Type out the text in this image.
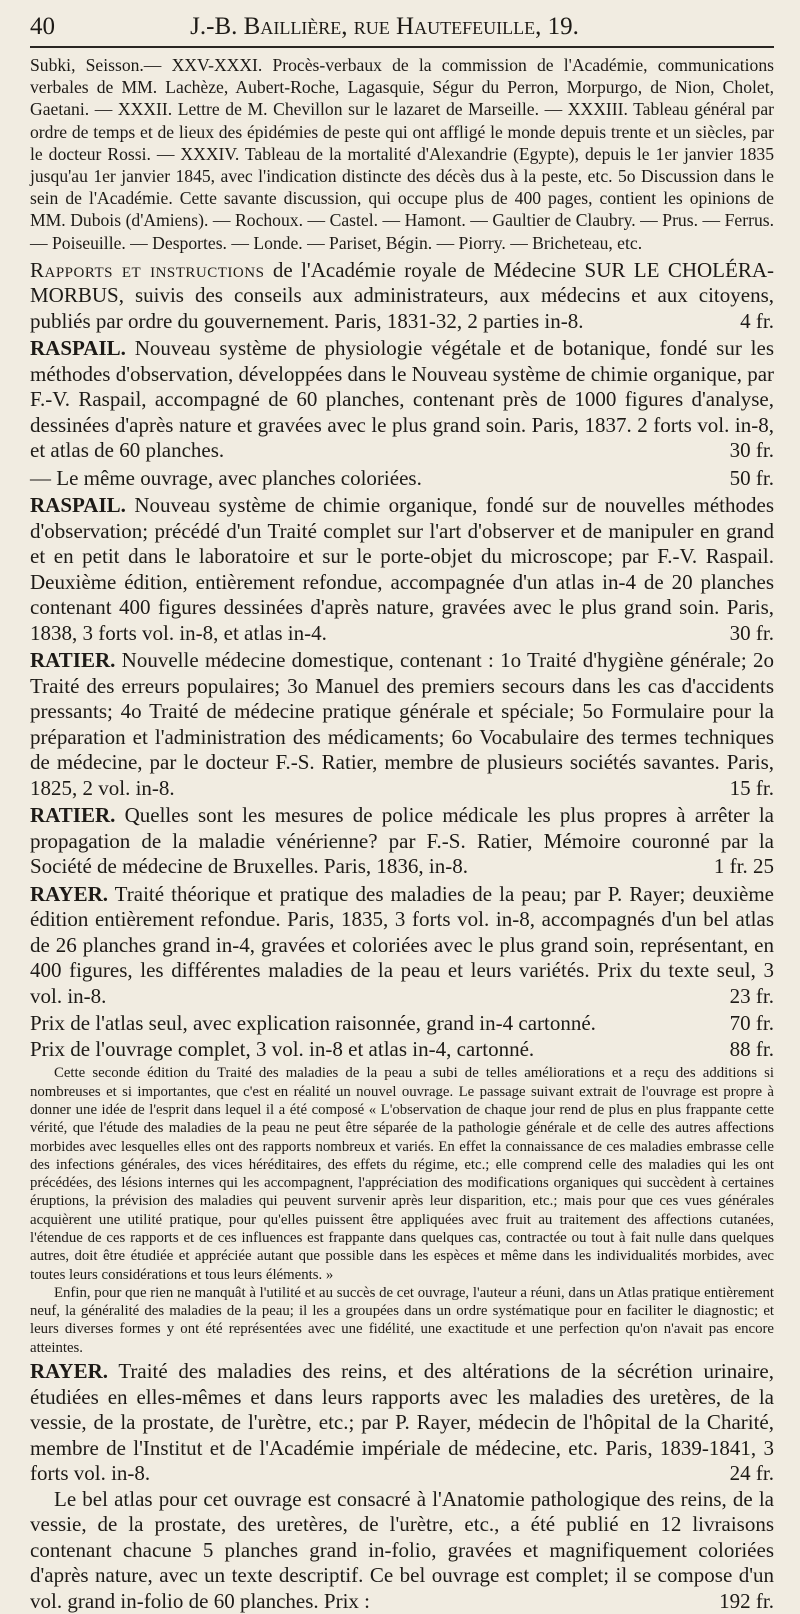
40	J.-B. Baillière, rue Hautefeuille, 19.

Subki, Seisson.— XXV-XXXI. Procès-verbaux de la commission de l'Académie, communications verbales de MM. Lachèze, Aubert-Roche, Lagasquie, Ségur du Perron, Morpurgo, de Nion, Cholet, Gaetani. — XXXII. Lettre de M. Chevillon sur le lazaret de Marseille. — XXXIII. Tableau général par ordre de temps et de lieux des épidémies de peste qui ont affligé le monde depuis trente et un siècles, par le docteur Rossi. — XXXIV. Tableau de la mortalité d'Alexandrie (Egypte), depuis le 1er janvier 1835 jusqu'au 1er janvier 1845, avec l'indication distincte des décès dus à la peste, etc. 5o Discussion dans le sein de l'Académie. Cette savante discussion, qui occupe plus de 400 pages, contient les opinions de MM. Dubois (d'Amiens). — Rochoux. — Castel. — Hamont. — Gaultier de Claubry. — Prus. — Ferrus. — Poiseuille. — Desportes. — Londe. — Pariset, Bégin. — Piorry. — Bricheteau, etc.

Rapports et instructions de l'Académie royale de Médecine SUR LE CHOLÉRA-MORBUS, suivis des conseils aux administrateurs, aux médecins et aux citoyens, publiés par ordre du gouvernement. Paris, 1831-32, 2 parties in-8.	4 fr.

RASPAIL. Nouveau système de physiologie végétale et de botanique, fondé sur les méthodes d'observation, développées dans le Nouveau système de chimie organique, par F.-V. Raspail, accompagné de 60 planches, contenant près de 1000 figures d'analyse, dessinées d'après nature et gravées avec le plus grand soin. Paris, 1837. 2 forts vol. in-8, et atlas de 60 planches.	30 fr.

— Le même ouvrage, avec planches coloriées.	50 fr.

RASPAIL. Nouveau système de chimie organique, fondé sur de nouvelles méthodes d'observation; précédé d'un Traité complet sur l'art d'observer et de manipuler en grand et en petit dans le laboratoire et sur le porte-objet du microscope; par F.-V. Raspail. Deuxième édition, entièrement refondue, accompagnée d'un atlas in-4 de 20 planches contenant 400 figures dessinées d'après nature, gravées avec le plus grand soin. Paris, 1838, 3 forts vol. in-8, et atlas in-4.	30 fr.

RATIER. Nouvelle médecine domestique, contenant : 1o Traité d'hygiène générale; 2o Traité des erreurs populaires; 3o Manuel des premiers secours dans les cas d'accidents pressants; 4o Traité de médecine pratique générale et spéciale; 5o Formulaire pour la préparation et l'administration des médicaments; 6o Vocabulaire des termes techniques de médecine, par le docteur F.-S. Ratier, membre de plusieurs sociétés savantes. Paris, 1825, 2 vol. in-8.	15 fr.

RATIER. Quelles sont les mesures de police médicale les plus propres à arrêter la propagation de la maladie vénérienne? par F.-S. Ratier, Mémoire couronné par la Société de médecine de Bruxelles. Paris, 1836, in-8.	1 fr. 25

RAYER. Traité théorique et pratique des maladies de la peau; par P. Rayer; deuxième édition entièrement refondue. Paris, 1835, 3 forts vol. in-8, accompagnés d'un bel atlas de 26 planches grand in-4, gravées et coloriées avec le plus grand soin, représentant, en 400 figures, les différentes maladies de la peau et leurs variétés. Prix du texte seul, 3 vol. in-8.	23 fr.

Prix de l'atlas seul, avec explication raisonnée, grand in-4 cartonné.	70 fr.

Prix de l'ouvrage complet, 3 vol. in-8 et atlas in-4, cartonné.	88 fr.

Cette seconde édition du Traité des maladies de la peau a subi de telles améliorations et a reçu des additions si nombreuses et si importantes, que c'est en réalité un nouvel ouvrage. Le passage suivant extrait de l'ouvrage est propre à donner une idée de l'esprit dans lequel il a été composé « L'observation de chaque jour rend de plus en plus frappante cette vérité, que l'étude des maladies de la peau ne peut être séparée de la pathologie générale et de celle des autres affections morbides avec lesquelles elles ont des rapports nombreux et variés. En effet la connaissance de ces maladies embrasse celle des infections générales, des vices héréditaires, des effets du régime, etc.; elle comprend celle des maladies qui les ont précédées, des lésions internes qui les accompagnent, l'appréciation des modifications organiques qui succèdent à certaines éruptions, la prévision des maladies qui peuvent survenir après leur disparition, etc.; mais pour que ces vues générales acquièrent une utilité pratique, pour qu'elles puissent être appliquées avec fruit au traitement des affections cutanées, l'étendue de ces rapports et de ces influences est frappante dans quelques cas, contractée ou tout à fait nulle dans quelques autres, doit être étudiée et appréciée autant que possible dans les espèces et même dans les individualités morbides, avec toutes leurs considérations et tous leurs éléments. »

Enfin, pour que rien ne manquât à l'utilité et au succès de cet ouvrage, l'auteur a réuni, dans un Atlas pratique entièrement neuf, la généralité des maladies de la peau; il les a groupées dans un ordre systématique pour en faciliter le diagnostic; et leurs diverses formes y ont été représentées avec une fidélité, une exactitude et une perfection qu'on n'avait pas encore atteintes.

RAYER. Traité des maladies des reins, et des altérations de la sécrétion urinaire, étudiées en elles-mêmes et dans leurs rapports avec les maladies des uretères, de la vessie, de la prostate, de l'urètre, etc.; par P. Rayer, médecin de l'hôpital de la Charité, membre de l'Institut et de l'Académie impériale de médecine, etc. Paris, 1839-1841, 3 forts vol. in-8.	24 fr.

Le bel atlas pour cet ouvrage est consacré à l'Anatomie pathologique des reins, de la vessie, de la prostate, des uretères, de l'urètre, etc., a été publié en 12 livraisons contenant chacune 5 planches grand in-folio, gravées et magnifiquement coloriées d'après nature, avec un texte descriptif. Ce bel ouvrage est complet; il se compose d'un vol. grand in-folio de 60 planches. Prix :	192 fr.
